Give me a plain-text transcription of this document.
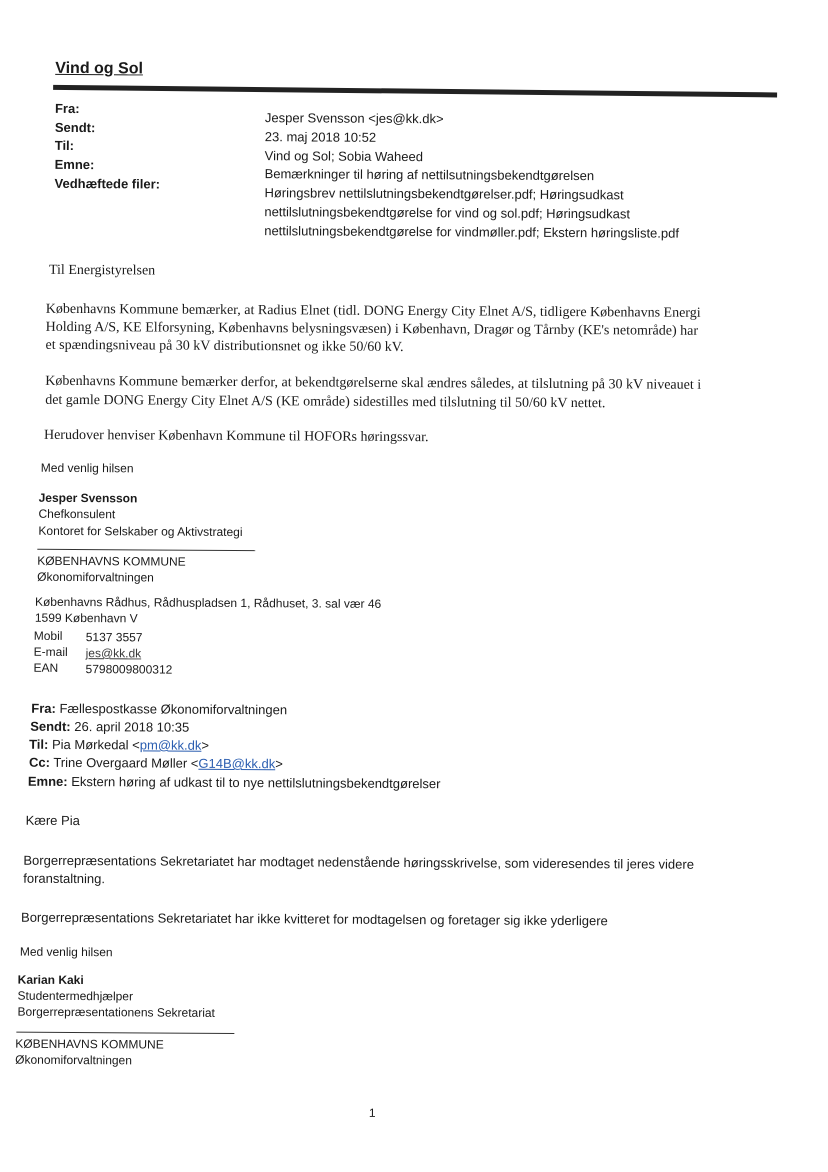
Vind og Sol
Fra:
Sendt:
Til:
Emne:
Vedhæftede filer:
Jesper Svensson <jes@kk.dk>
23. maj 2018 10:52
Vind og Sol; Sobia Waheed
Bemærkninger til høring af nettilsutningsbekendtgørelsen
Høringsbrev nettilslutningsbekendtgørelser.pdf; Høringsudkast
nettilslutningsbekendtgørelse for vind og sol.pdf; Høringsudkast
nettilslutningsbekendtgørelse for vindmøller.pdf; Ekstern høringsliste.pdf
Til Energistyrelsen
Københavns Kommune bemærker, at Radius Elnet (tidl. DONG Energy City Elnet A/S, tidligere Københavns Energi
Holding A/S, KE Elforsyning, Københavns belysningsvæsen) i København, Dragør og Tårnby (KE's netområde) har
et spændingsniveau på 30 kV distributionsnet og ikke 50/60 kV.
Københavns Kommune bemærker derfor, at bekendtgørelserne skal ændres således, at tilslutning på 30 kV niveauet i
det gamle DONG Energy City Elnet A/S (KE område) sidestilles med tilslutning til 50/60 kV nettet.
Herudover henviser København Kommune til HOFORs høringssvar.
Med venlig hilsen
Jesper Svensson
Chefkonsulent
Kontoret for Selskaber og Aktivstrategi
KØBENHAVNS KOMMUNE
Økonomiforvaltningen
Københavns Rådhus, Rådhuspladsen 1, Rådhuset, 3. sal vær 46
1599 København V
Mobil 5137 3557
E-mail jes@kk.dk
EAN 5798009800312
Fra: Fællespostkasse Økonomiforvaltningen
Sendt: 26. april 2018 10:35
Til: Pia Mørkedal <pm@kk.dk>
Cc: Trine Overgaard Møller <G14B@kk.dk>
Emne: Ekstern høring af udkast til to nye nettilslutningsbekendtgørelser
Kære Pia
Borgerrepræsentations Sekretariatet har modtaget nedenstående høringsskrivelse, som videresendes til jeres videre
foranstaltning.
Borgerrepræsentations Sekretariatet har ikke kvitteret for modtagelsen og foretager sig ikke yderligere
Med venlig hilsen
Karian Kaki
Studentermedhjælper
Borgerrepræsentationens Sekretariat
KØBENHAVNS KOMMUNE
Økonomiforvaltningen
1
